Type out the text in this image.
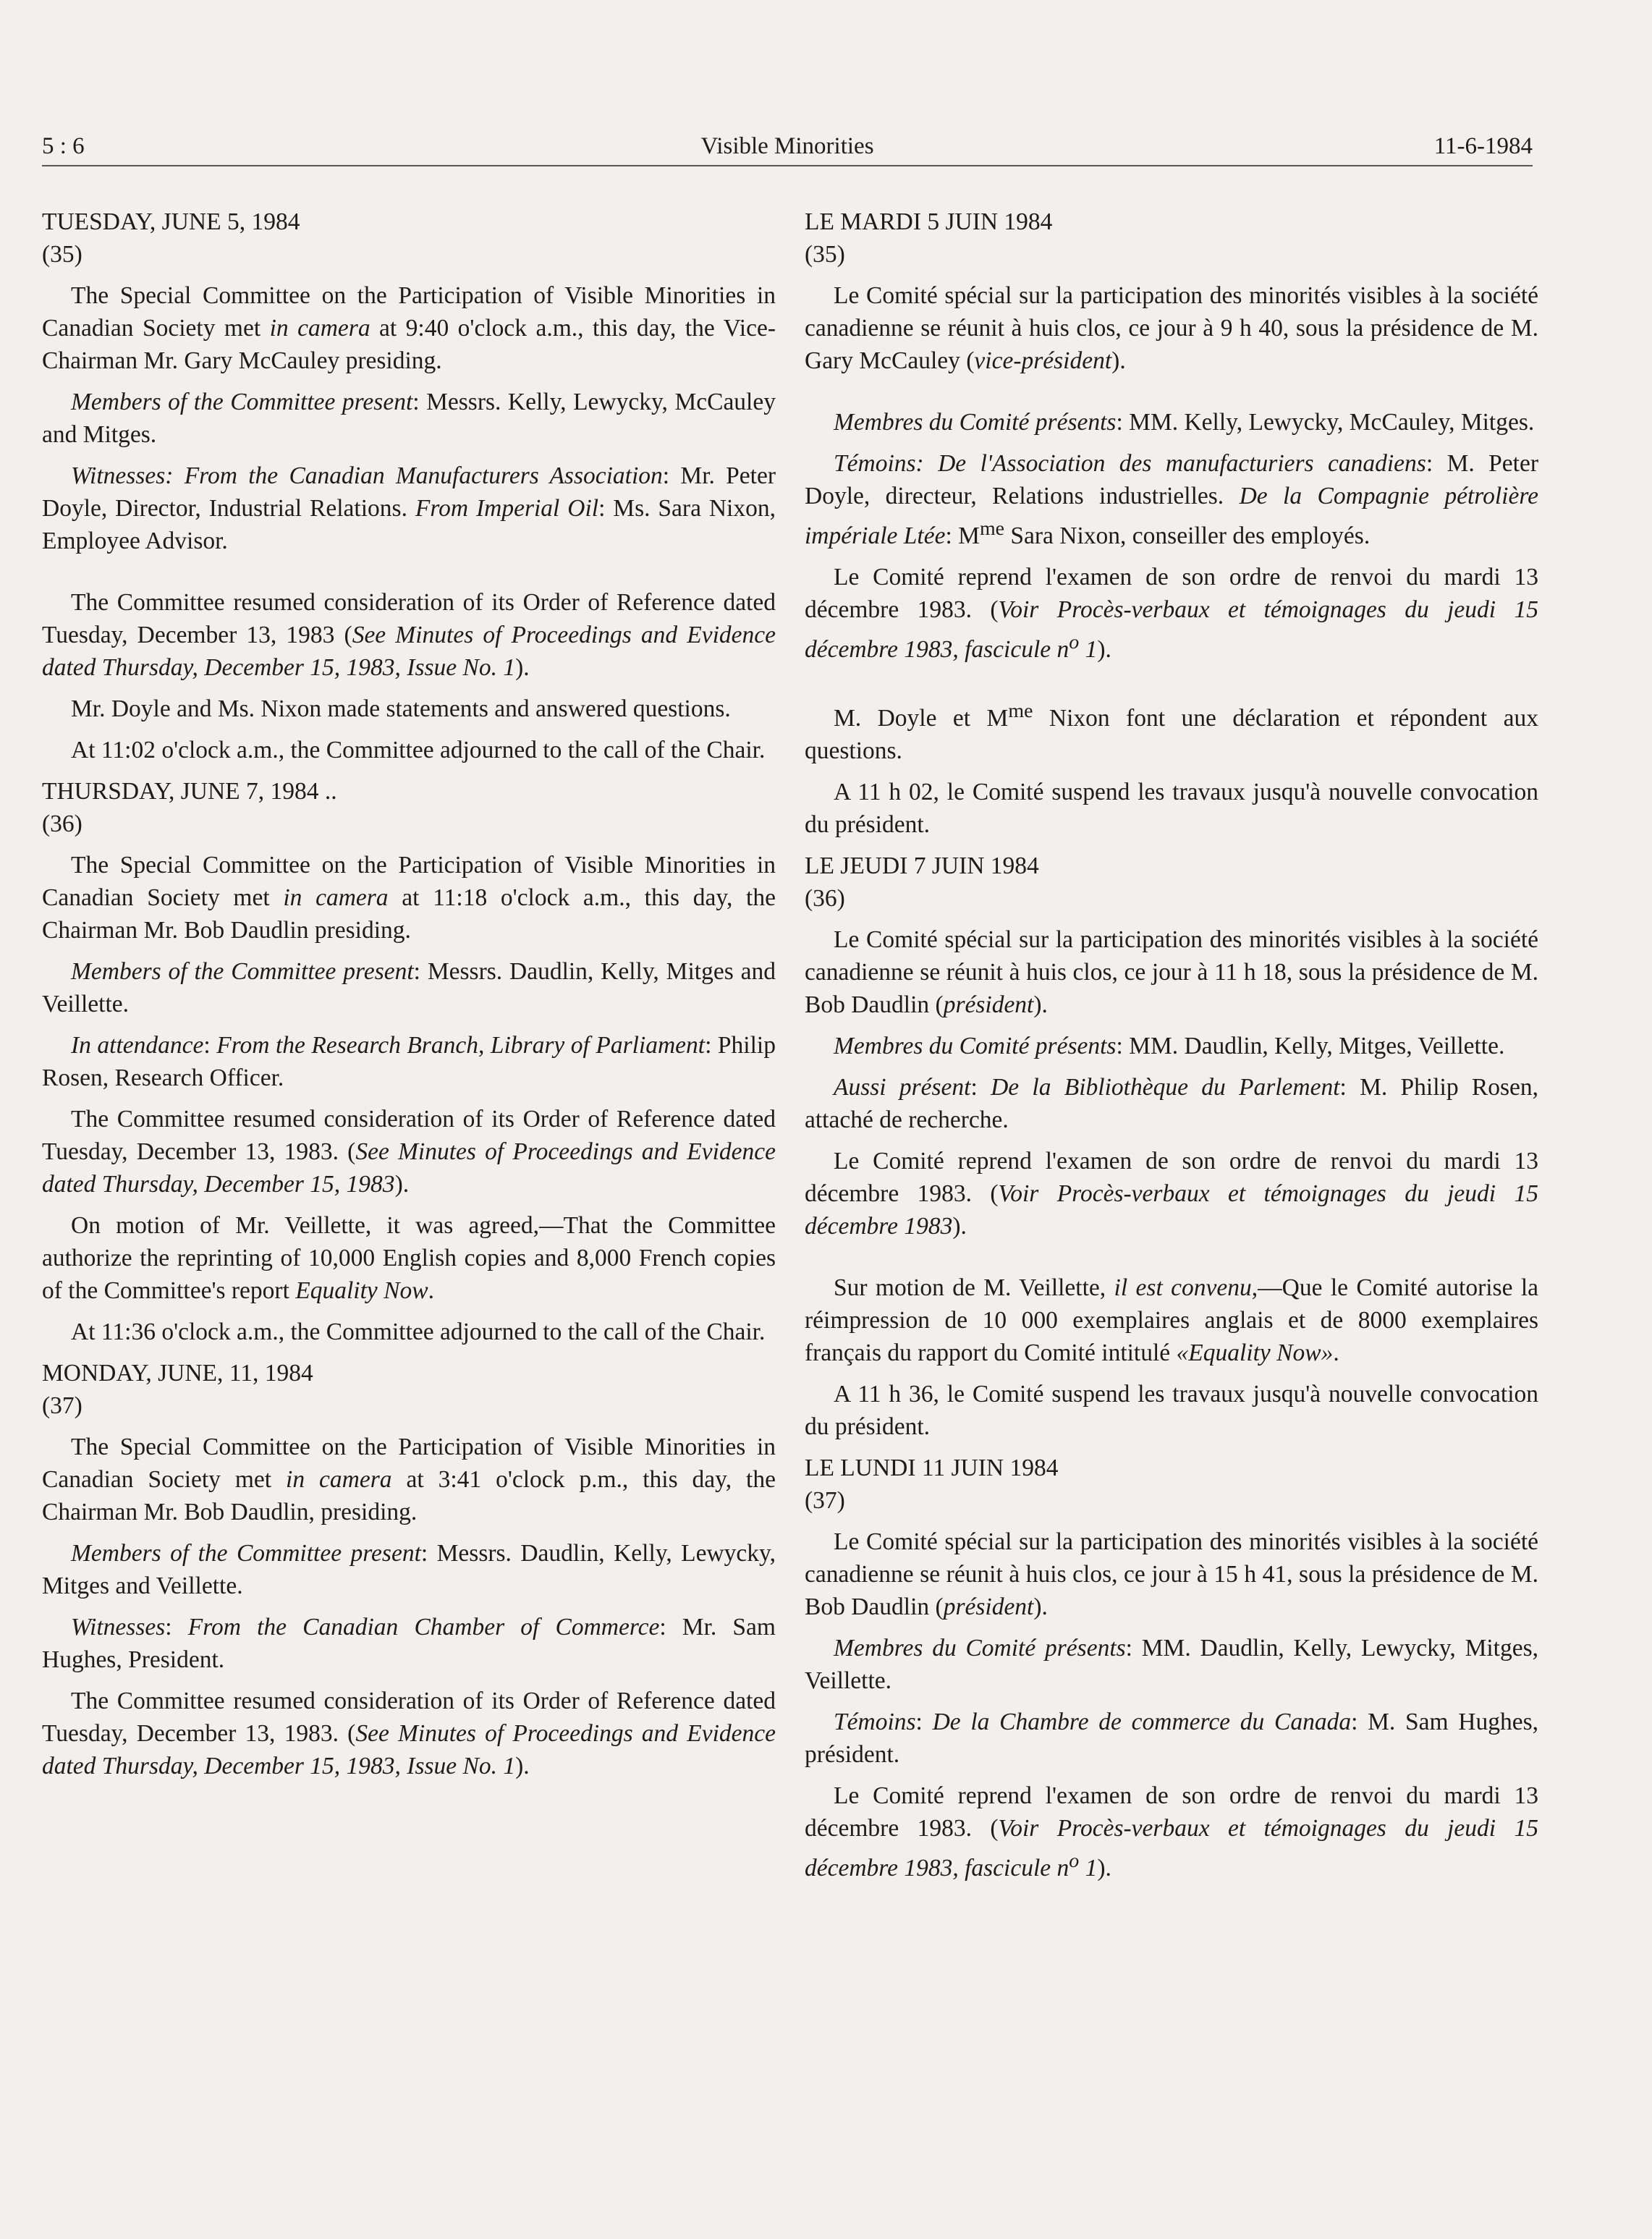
5 : 6	Visible Minorities	11-6-1984
TUESDAY, JUNE 5, 1984
(35)

The Special Committee on the Participation of Visible Minorities in Canadian Society met in camera at 9:40 o'clock a.m., this day, the Vice-Chairman Mr. Gary McCauley presiding.

Members of the Committee present: Messrs. Kelly, Lewycky, McCauley and Mitges.

Witnesses: From the Canadian Manufacturers Association: Mr. Peter Doyle, Director, Industrial Relations. From Imperial Oil: Ms. Sara Nixon, Employee Advisor.

The Committee resumed consideration of its Order of Reference dated Tuesday, December 13, 1983 (See Minutes of Proceedings and Evidence dated Thursday, December 15, 1983, Issue No. 1).

Mr. Doyle and Ms. Nixon made statements and answered questions.

At 11:02 o'clock a.m., the Committee adjourned to the call of the Chair.

THURSDAY, JUNE 7, 1984 ..
(36)

The Special Committee on the Participation of Visible Minorities in Canadian Society met in camera at 11:18 o'clock a.m., this day, the Chairman Mr. Bob Daudlin presiding.

Members of the Committee present: Messrs. Daudlin, Kelly, Mitges and Veillette.

In attendance: From the Research Branch, Library of Parliament: Philip Rosen, Research Officer.

The Committee resumed consideration of its Order of Reference dated Tuesday, December 13, 1983. (See Minutes of Proceedings and Evidence dated Thursday, December 15, 1983).

On motion of Mr. Veillette, it was agreed,—That the Committee authorize the reprinting of 10,000 English copies and 8,000 French copies of the Committee's report Equality Now.

At 11:36 o'clock a.m., the Committee adjourned to the call of the Chair.

MONDAY, JUNE, 11, 1984
(37)

The Special Committee on the Participation of Visible Minorities in Canadian Society met in camera at 3:41 o'clock p.m., this day, the Chairman Mr. Bob Daudlin, presiding.

Members of the Committee present: Messrs. Daudlin, Kelly, Lewycky, Mitges and Veillette.

Witnesses: From the Canadian Chamber of Commerce: Mr. Sam Hughes, President.

The Committee resumed consideration of its Order of Reference dated Tuesday, December 13, 1983. (See Minutes of Proceedings and Evidence dated Thursday, December 15, 1983, Issue No. 1).

LE MARDI 5 JUIN 1984
(35)

Le Comité spécial sur la participation des minorités visibles à la société canadienne se réunit à huis clos, ce jour à 9 h 40, sous la présidence de M. Gary McCauley (vice-président).

Membres du Comité présents: MM. Kelly, Lewycky, McCauley, Mitges.

Témoins: De l'Association des manufacturiers canadiens: M. Peter Doyle, directeur, Relations industrielles. De la Compagnie pétrolière impériale Ltée: $M^{me}$ Sara Nixon, conseiller des employés.

Le Comité reprend l'examen de son ordre de renvoi du mardi 13 décembre 1983. (Voir Procès-verbaux et témoignages du jeudi 15 décembre 1983, fascicule $n^o$ 1).

M. Doyle et $M^{me}$ Nixon font une déclaration et répondent aux questions.

A 11 h 02, le Comité suspend les travaux jusqu'à nouvelle convocation du président.

LE JEUDI 7 JUIN 1984
(36)

Le Comité spécial sur la participation des minorités visibles à la société canadienne se réunit à huis clos, ce jour à 11 h 18, sous la présidence de M. Bob Daudlin (président).

Membres du Comité présents: MM. Daudlin, Kelly, Mitges, Veillette.

Aussi présent: De la Bibliothèque du Parlement: M. Philip Rosen, attaché de recherche.

Le Comité reprend l'examen de son ordre de renvoi du mardi 13 décembre 1983. (Voir Procès-verbaux et témoignages du jeudi 15 décembre 1983).

Sur motion de M. Veillette, il est convenu,—Que le Comité autorise la réimpression de 10 000 exemplaires anglais et de 8000 exemplaires français du rapport du Comité intitulé «Equality Now».

A 11 h 36, le Comité suspend les travaux jusqu'à nouvelle convocation du président.

LE LUNDI 11 JUIN 1984
(37)

Le Comité spécial sur la participation des minorités visibles à la société canadienne se réunit à huis clos, ce jour à 15 h 41, sous la présidence de M. Bob Daudlin (président).

Membres du Comité présents: MM. Daudlin, Kelly, Lewycky, Mitges, Veillette.

Témoins: De la Chambre de commerce du Canada: M. Sam Hughes, président.

Le Comité reprend l'examen de son ordre de renvoi du mardi 13 décembre 1983. (Voir Procès-verbaux et témoignages du jeudi 15 décembre 1983, fascicule $n^o$ 1).
